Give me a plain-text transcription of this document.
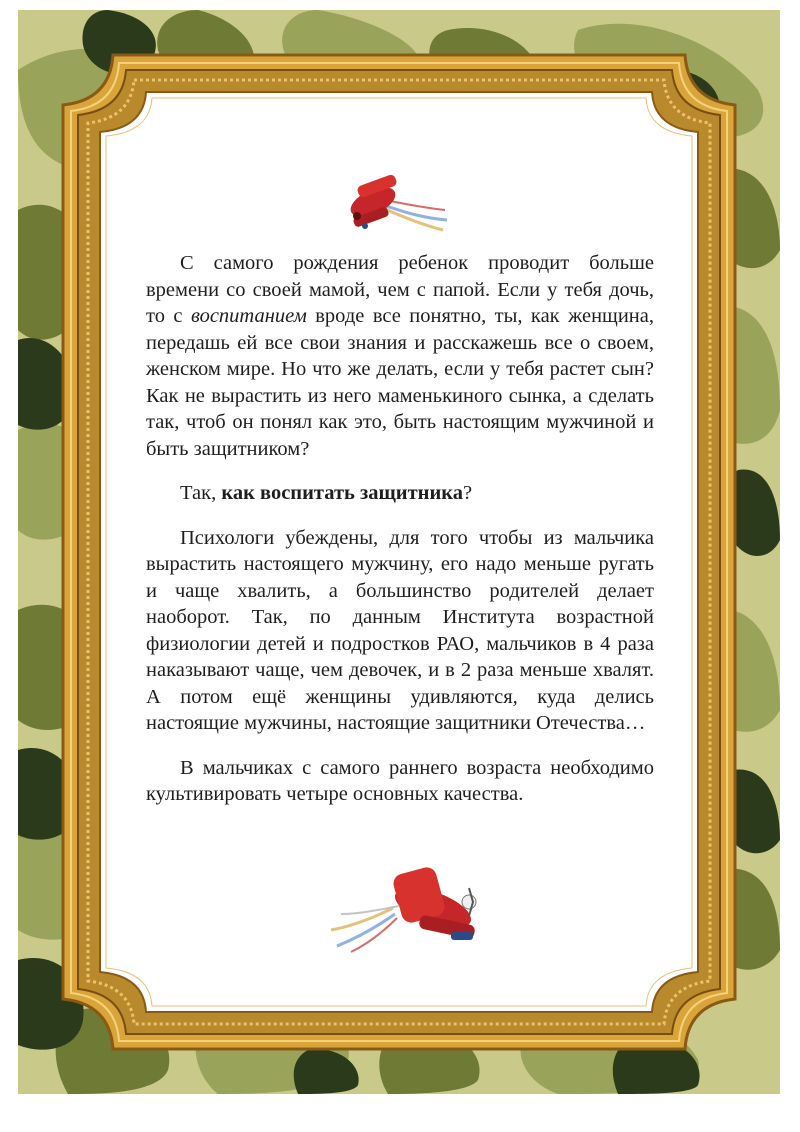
С самого рождения ребенок проводит больше времени со своей мамой, чем с папой. Если у тебя дочь, то с воспитанием вроде все понятно, ты, как женщина, передашь ей все свои знания и расскажешь все о своем, женском мире. Но что же делать, если у тебя растет сын? Как не вырастить из него маменькиного сынка, а сделать так, чтоб он понял как это, быть настоящим мужчиной и быть защитником?

Так, как воспитать защитника?

Психологи убеждены, для того чтобы из мальчика вырастить настоящего мужчину, его надо меньше ругать и чаще хвалить, а большинство родителей делает наоборот. Так, по данным Института возрастной физиологии детей и подростков РАО, мальчиков в 4 раза наказывают чаще, чем девочек, и в 2 раза меньше хвалят. А потом ещё женщины удивляются, куда делись настоящие мужчины, настоящие защитники Отечества…

В мальчиках с самого раннего возраста необходимо культивировать четыре основных качества.
